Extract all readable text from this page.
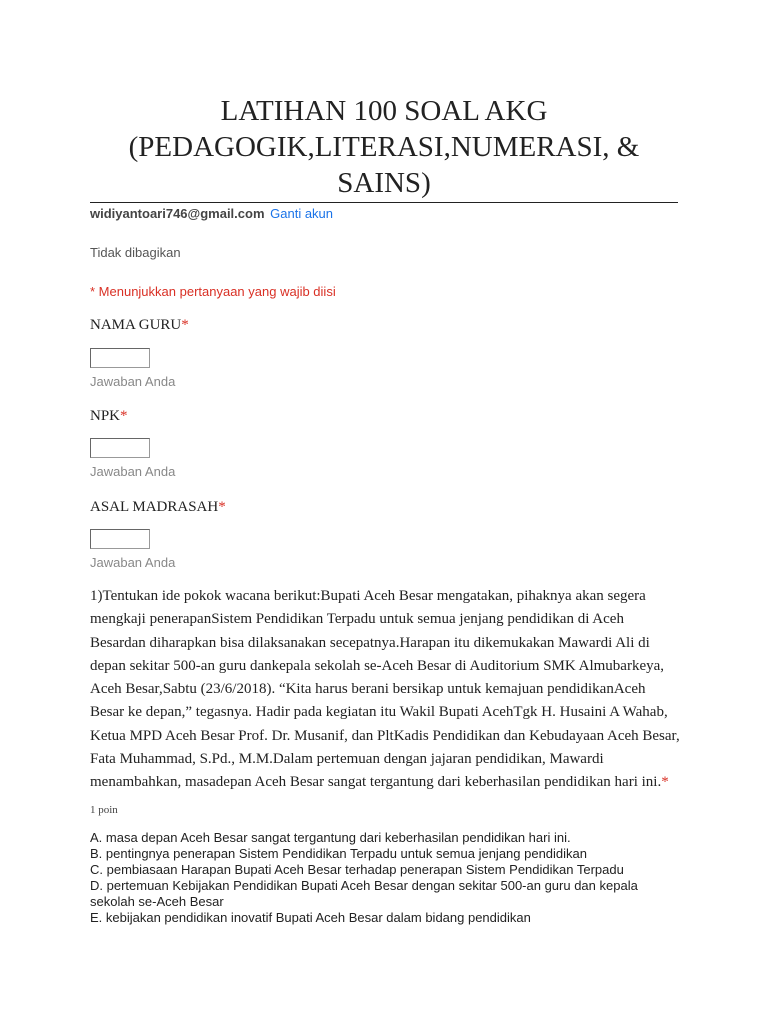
LATIHAN 100 SOAL AKG
(PEDAGOGIK,LITERASI,NUMERASI, &
SAINS)
widiyantoari746@gmail.com Ganti akun
Tidak dibagikan
* Menunjukkan pertanyaan yang wajib diisi
NAMA GURU*
Jawaban Anda
NPK*
Jawaban Anda
ASAL MADRASAH*
Jawaban Anda
1)Tentukan ide pokok wacana berikut:Bupati Aceh Besar mengatakan, pihaknya akan segera mengkaji penerapanSistem Pendidikan Terpadu untuk semua jenjang pendidikan di Aceh Besardan diharapkan bisa dilaksanakan secepatnya.Harapan itu dikemukakan Mawardi Ali di depan sekitar 500-an guru dankepala sekolah se-Aceh Besar di Auditorium SMK Almubarkeya, Aceh Besar,Sabtu (23/6/2018). “Kita harus berani bersikap untuk kemajuan pendidikanAceh Besar ke depan,” tegasnya. Hadir pada kegiatan itu Wakil Bupati AcehTgk H. Husaini A Wahab, Ketua MPD Aceh Besar Prof. Dr. Musanif, dan PltKadis Pendidikan dan Kebudayaan Aceh Besar, Fata Muhammad, S.Pd., M.M.Dalam pertemuan dengan jajaran pendidikan, Mawardi menambahkan, masadepan Aceh Besar sangat tergantung dari keberhasilan pendidikan hari ini.*
1 poin
A. masa depan Aceh Besar sangat tergantung dari keberhasilan pendidikan hari ini.
B. pentingnya penerapan Sistem Pendidikan Terpadu untuk semua jenjang pendidikan
C. pembiasaan Harapan Bupati Aceh Besar terhadap penerapan Sistem Pendidikan Terpadu
D. pertemuan Kebijakan Pendidikan Bupati Aceh Besar dengan sekitar 500-an guru dan kepala sekolah se-Aceh Besar
E. kebijakan pendidikan inovatif Bupati Aceh Besar dalam bidang pendidikan
